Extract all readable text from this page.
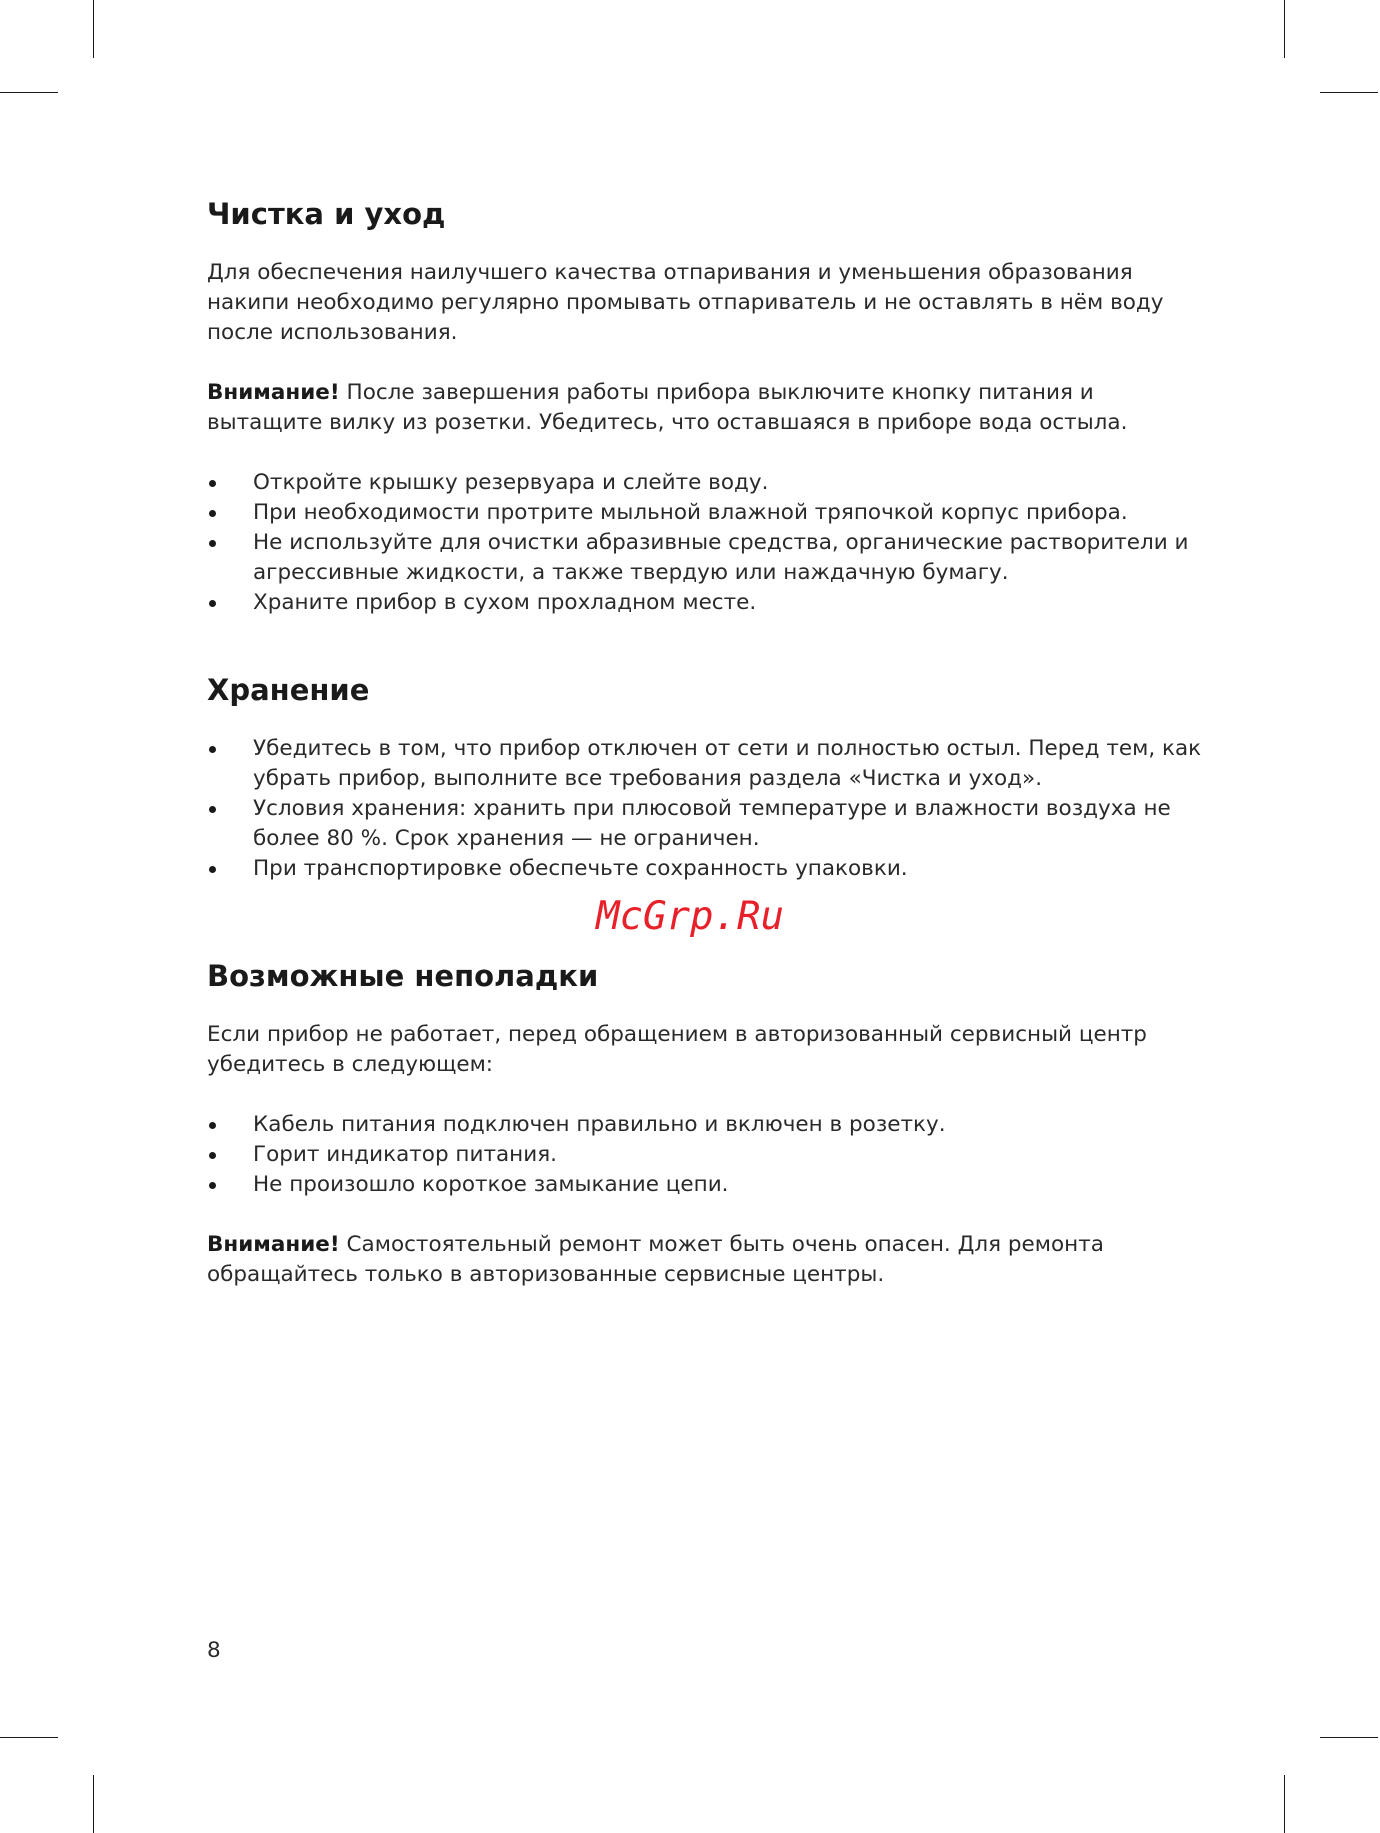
Чистка и уход

Для обеспечения наилучшего качества отпаривания и уменьшения образования накипи необходимо регулярно промывать отпариватель и не оставлять в нём воду после использования.

Внимание! После завершения работы прибора выключите кнопку питания и вытащите вилку из розетки. Убедитесь, что оставшаяся в приборе вода остыла.

Откройте крышку резервуара и слейте воду.
При необходимости протрите мыльной влажной тряпочкой корпус прибора.
Не используйте для очистки абразивные средства, органические растворители и агрессивные жидкости, а также твердую или наждачную бумагу.
Храните прибор в сухом прохладном месте.
Хранение
Убедитесь в том, что прибор отключен от сети и полностью остыл. Перед тем, как убрать прибор, выполните все требования раздела «Чистка и уход».
Условия хранения: хранить при плюсовой температуре и влажности воздуха не более 80 %. Срок хранения — не ограничен.
При транспортировке обеспечьте сохранность упаковки.
Возможные неполадки

Если прибор не работает, перед обращением в авторизованный сервисный центр убедитесь в следующем:

Кабель питания подключен правильно и включен в розетку.
Горит индикатор питания.
Не произошло короткое замыкание цепи.

Внимание! Самостоятельный ремонт может быть очень опасен. Для ремонта обращайтесь только в авторизованные сервисные центры.

McGrp.Ru
8
